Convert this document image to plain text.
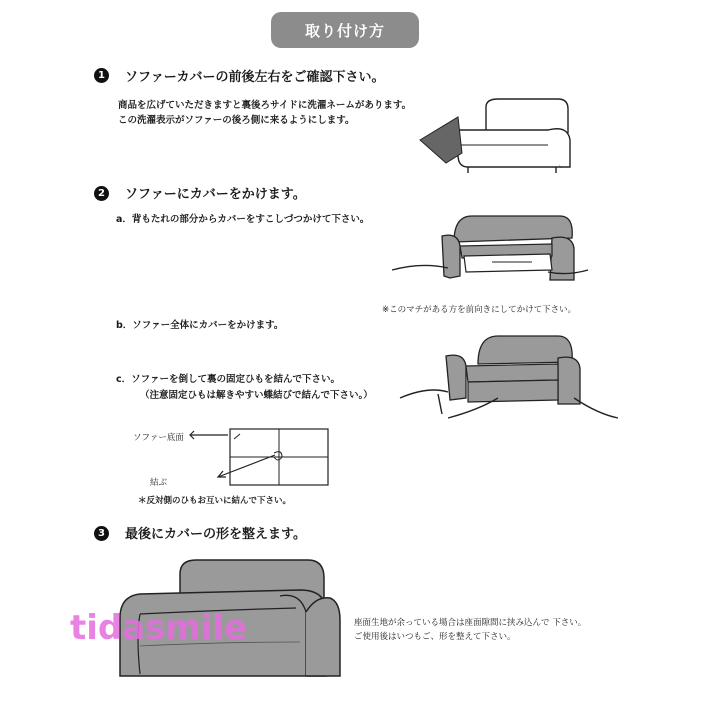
取り付け方
1	ソファーカバーの前後左右をご確認下さい。
商品を広げていただきますと裏後ろサイドに洗濯ネームがあります。
この洗濯表示がソファーの後ろ側に来るようにします。
2	ソファーにカバーをかけます。
a．背もたれの部分からカバーをすこしづつかけて下さい。
※このマチがある方を前向きにしてかけて下さい。
b．ソファー全体にカバーをかけます。
c．ソファーを倒して裏の固定ひもを結んで下さい。
（注意固定ひもは解きやすい蝶結びで結んで下さい。）
ソファー底面
結ぶ
＊反対側のひもお互いに結んで下さい。
3	最後にカバーの形を整えます。
tidasmile	座面生地が余っている場合は座面隙間に挟み込んで 下さい。
ご使用後はいつもご、形を整えて下さい。
